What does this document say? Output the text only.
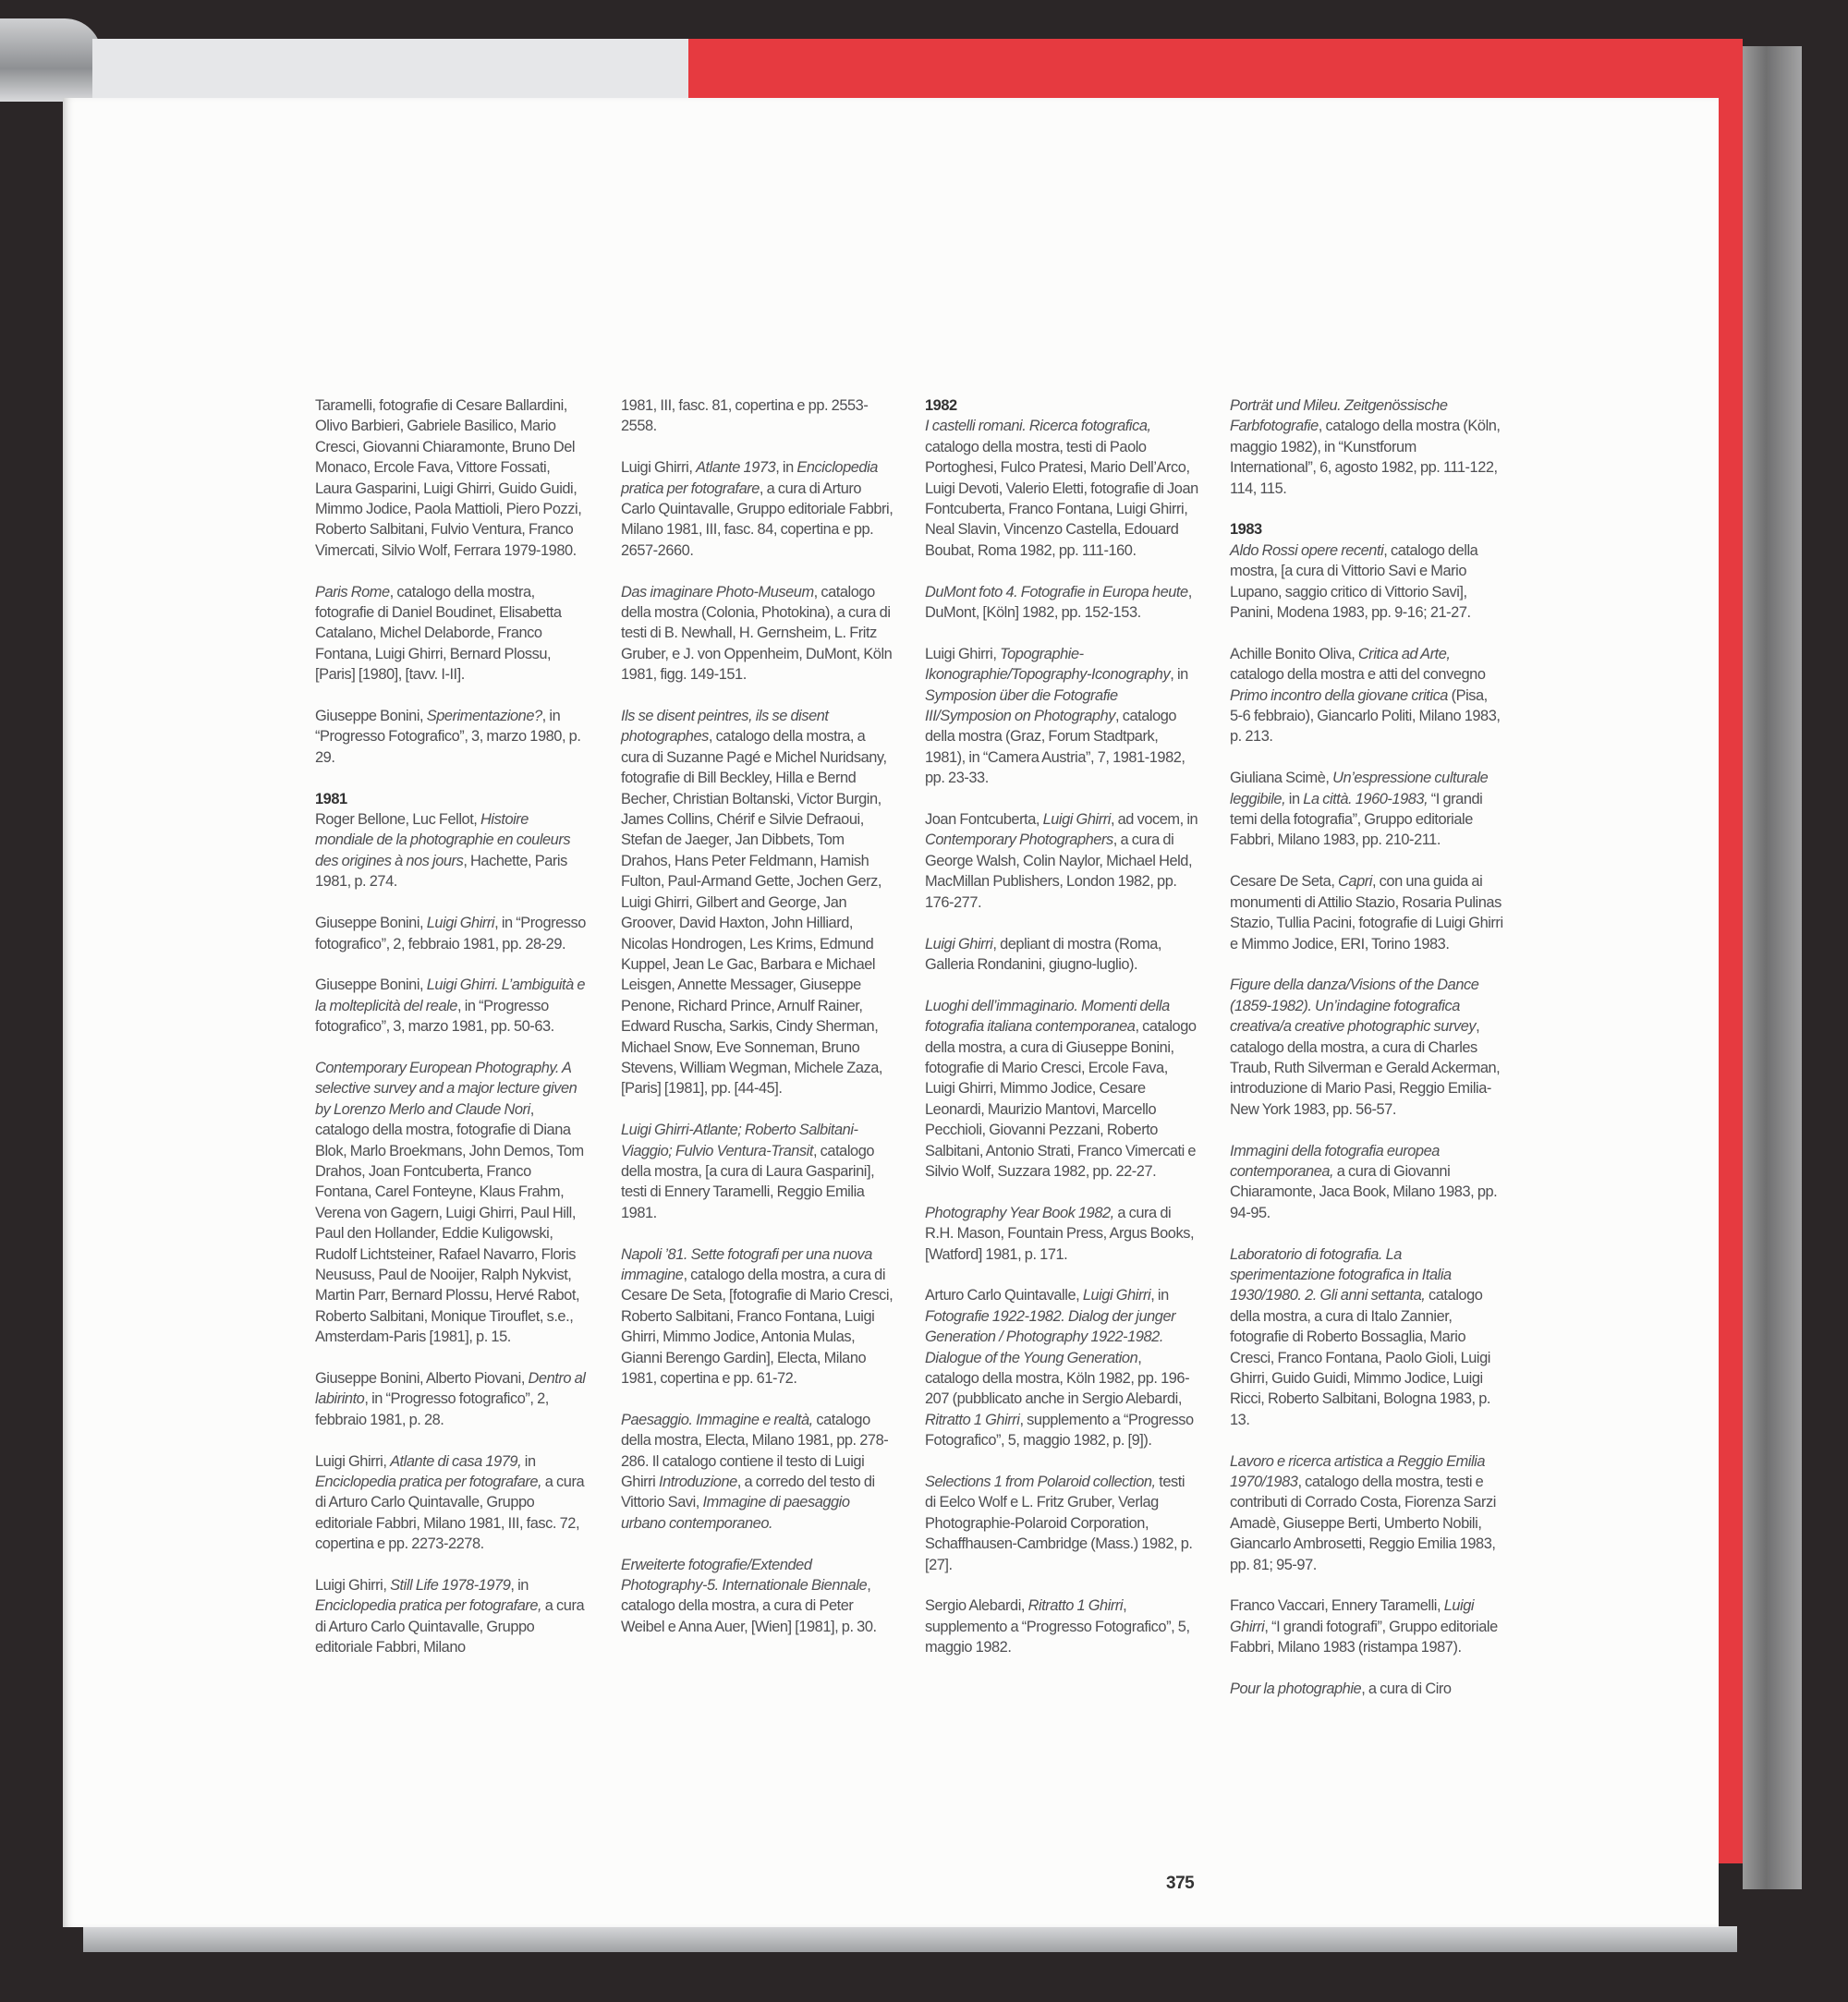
Taramelli, fotografie di Cesare Ballardini, Olivo Barbieri, Gabriele Basilico, Mario Cresci, Giovanni Chiaramonte, Bruno Del Monaco, Ercole Fava, Vittore Fossati, Laura Gasparini, Luigi Ghirri, Guido Guidi, Mimmo Jodice, Paola Mattioli, Piero Pozzi, Roberto Salbitani, Fulvio Ventura, Franco Vimercati, Silvio Wolf, Ferrara 1979-1980.

Paris Rome, catalogo della mostra, fotografie di Daniel Boudinet, Elisabetta Catalano, Michel Delaborde, Franco Fontana, Luigi Ghirri, Bernard Plossu, [Paris] [1980], [tavv. I-II].

Giuseppe Bonini, Sperimentazione?, in “Progresso Fotografico”, 3, marzo 1980, p. 29.

1981

Roger Bellone, Luc Fellot, Histoire mondiale de la photographie en couleurs des origines à nos jours, Hachette, Paris 1981, p. 274.

Giuseppe Bonini, Luigi Ghirri, in “Progresso fotografico”, 2, febbraio 1981, pp. 28-29.

Giuseppe Bonini, Luigi Ghirri. L’ambiguità e la molteplicità del reale, in “Progresso fotografico”, 3, marzo 1981, pp. 50-63.

Contemporary European Photography. A selective survey and a major lecture given by Lorenzo Merlo and Claude Nori, catalogo della mostra, fotografie di Diana Blok, Marlo Broekmans, John Demos, Tom Drahos, Joan Fontcuberta, Franco Fontana, Carel Fonteyne, Klaus Frahm, Verena von Gagern, Luigi Ghirri, Paul Hill, Paul den Hollander, Eddie Kuligowski, Rudolf Lichtsteiner, Rafael Navarro, Floris Neususs, Paul de Nooijer, Ralph Nykvist, Martin Parr, Bernard Plossu, Hervé Rabot, Roberto Salbitani, Monique Tirouflet, s.e., Amsterdam-Paris [1981], p. 15.

Giuseppe Bonini, Alberto Piovani, Dentro al labirinto, in “Progresso fotografico”, 2, febbraio 1981, p. 28.

Luigi Ghirri, Atlante di casa 1979, in Enciclopedia pratica per fotografare, a cura di Arturo Carlo Quintavalle, Gruppo editoriale Fabbri, Milano 1981, III, fasc. 72, copertina e pp. 2273-2278.

Luigi Ghirri, Still Life 1978-1979, in Enciclopedia pratica per fotografare, a cura di Arturo Carlo Quintavalle, Gruppo editoriale Fabbri, Milano

1981, III, fasc. 81, copertina e pp. 2553-2558.

Luigi Ghirri, Atlante 1973, in Enciclopedia pratica per fotografare, a cura di Arturo Carlo Quintavalle, Gruppo editoriale Fabbri, Milano 1981, III, fasc. 84, copertina e pp. 2657-2660.

Das imaginare Photo-Museum, catalogo della mostra (Colonia, Photokina), a cura di testi di B. Newhall, H. Gernsheim, L. Fritz Gruber, e J. von Oppenheim, DuMont, Köln 1981, figg. 149-151.

Ils se disent peintres, ils se disent photographes, catalogo della mostra, a cura di Suzanne Pagé e Michel Nuridsany, fotografie di Bill Beckley, Hilla e Bernd Becher, Christian Boltanski, Victor Burgin, James Collins, Chérif e Silvie Defraoui, Stefan de Jaeger, Jan Dibbets, Tom Drahos, Hans Peter Feldmann, Hamish Fulton, Paul-Armand Gette, Jochen Gerz, Luigi Ghirri, Gilbert and George, Jan Groover, David Haxton, John Hilliard, Nicolas Hondrogen, Les Krims, Edmund Kuppel, Jean Le Gac, Barbara e Michael Leisgen, Annette Messager, Giuseppe Penone, Richard Prince, Arnulf Rainer, Edward Ruscha, Sarkis, Cindy Sherman, Michael Snow, Eve Sonneman, Bruno Stevens, William Wegman, Michele Zaza, [Paris] [1981], pp. [44-45].

Luigi Ghirri-Atlante; Roberto Salbitani-Viaggio; Fulvio Ventura-Transit, catalogo della mostra, [a cura di Laura Gasparini], testi di Ennery Taramelli, Reggio Emilia 1981.

Napoli ’81. Sette fotografi per una nuova immagine, catalogo della mostra, a cura di Cesare De Seta, [fotografie di Mario Cresci, Roberto Salbitani, Franco Fontana, Luigi Ghirri, Mimmo Jodice, Antonia Mulas, Gianni Berengo Gardin], Electa, Milano 1981, copertina e pp. 61-72.

Paesaggio. Immagine e realtà, catalogo della mostra, Electa, Milano 1981, pp. 278-286. Il catalogo contiene il testo di Luigi Ghirri Introduzione, a corredo del testo di Vittorio Savi, Immagine di paesaggio urbano contemporaneo.

Erweiterte fotografie/Extended Photography-5. Internationale Biennale, catalogo della mostra, a cura di Peter Weibel e Anna Auer, [Wien] [1981], p. 30.

1982

I castelli romani. Ricerca fotografica, catalogo della mostra, testi di Paolo Portoghesi, Fulco Pratesi, Mario Dell’Arco, Luigi Devoti, Valerio Eletti, fotografie di Joan Fontcuberta, Franco Fontana, Luigi Ghirri, Neal Slavin, Vincenzo Castella, Edouard Boubat, Roma 1982, pp. 111-160.

DuMont foto 4. Fotografie in Europa heute, DuMont, [Köln] 1982, pp. 152-153.

Luigi Ghirri, Topographie-Ikonographie/Topography-Iconography, in Symposion über die Fotografie III/Symposion on Photography, catalogo della mostra (Graz, Forum Stadtpark, 1981), in “Camera Austria”, 7, 1981-1982, pp. 23-33.

Joan Fontcuberta, Luigi Ghirri, ad vocem, in Contemporary Photographers, a cura di George Walsh, Colin Naylor, Michael Held, MacMillan Publishers, London 1982, pp. 176-277.

Luigi Ghirri, depliant di mostra (Roma, Galleria Rondanini, giugno-luglio).

Luoghi dell’immaginario. Momenti della fotografia italiana contemporanea, catalogo della mostra, a cura di Giuseppe Bonini, fotografie di Mario Cresci, Ercole Fava, Luigi Ghirri, Mimmo Jodice, Cesare Leonardi, Maurizio Mantovi, Marcello Pecchioli, Giovanni Pezzani, Roberto Salbitani, Antonio Strati, Franco Vimercati e Silvio Wolf, Suzzara 1982, pp. 22-27.

Photography Year Book 1982, a cura di R.H. Mason, Fountain Press, Argus Books, [Watford] 1981, p. 171.

Arturo Carlo Quintavalle, Luigi Ghirri, in Fotografie 1922-1982. Dialog der junger Generation / Photography 1922-1982. Dialogue of the Young Generation, catalogo della mostra, Köln 1982, pp. 196-207 (pubblicato anche in Sergio Alebardi, Ritratto 1 Ghirri, supplemento a “Progresso Fotografico”, 5, maggio 1982, p. [9]).

Selections 1 from Polaroid collection, testi di Eelco Wolf e L. Fritz Gruber, Verlag Photographie-Polaroid Corporation, Schaffhausen-Cambridge (Mass.) 1982, p. [27].

Sergio Alebardi, Ritratto 1 Ghirri, supplemento a “Progresso Fotografico”, 5, maggio 1982.

Porträt und Mileu. Zeitgenössische Farbfotografie, catalogo della mostra (Köln, maggio 1982), in “Kunstforum International”, 6, agosto 1982, pp. 111-122, 114, 115.

1983

Aldo Rossi opere recenti, catalogo della mostra, [a cura di Vittorio Savi e Mario Lupano, saggio critico di Vittorio Savi], Panini, Modena 1983, pp. 9-16; 21-27.

Achille Bonito Oliva, Critica ad Arte, catalogo della mostra e atti del convegno Primo incontro della giovane critica (Pisa, 5-6 febbraio), Giancarlo Politi, Milano 1983, p. 213.

Giuliana Scimè, Un’espressione culturale leggibile, in La città. 1960-1983, “I grandi temi della fotografia”, Gruppo editoriale Fabbri, Milano 1983, pp. 210-211.

Cesare De Seta, Capri, con una guida ai monumenti di Attilio Stazio, Rosaria Pulinas Stazio, Tullia Pacini, fotografie di Luigi Ghirri e Mimmo Jodice, ERI, Torino 1983.

Figure della danza/Visions of the Dance (1859-1982). Un’indagine fotografica creativa/a creative photographic survey, catalogo della mostra, a cura di Charles Traub, Ruth Silverman e Gerald Ackerman, introduzione di Mario Pasi, Reggio Emilia-New York 1983, pp. 56-57.

Immagini della fotografia europea contemporanea, a cura di Giovanni Chiaramonte, Jaca Book, Milano 1983, pp. 94-95.

Laboratorio di fotografia. La sperimentazione fotografica in Italia 1930/1980. 2. Gli anni settanta, catalogo della mostra, a cura di Italo Zannier, fotografie di Roberto Bossaglia, Mario Cresci, Franco Fontana, Paolo Gioli, Luigi Ghirri, Guido Guidi, Mimmo Jodice, Luigi Ricci, Roberto Salbitani, Bologna 1983, p. 13.

Lavoro e ricerca artistica a Reggio Emilia 1970/1983, catalogo della mostra, testi e contributi di Corrado Costa, Fiorenza Sarzi Amadè, Giuseppe Berti, Umberto Nobili, Giancarlo Ambrosetti, Reggio Emilia 1983, pp. 81; 95-97.

Franco Vaccari, Ennery Taramelli, Luigi Ghirri, “I grandi fotografi”, Gruppo editoriale Fabbri, Milano 1983 (ristampa 1987).

Pour la photographie, a cura di Ciro

375
